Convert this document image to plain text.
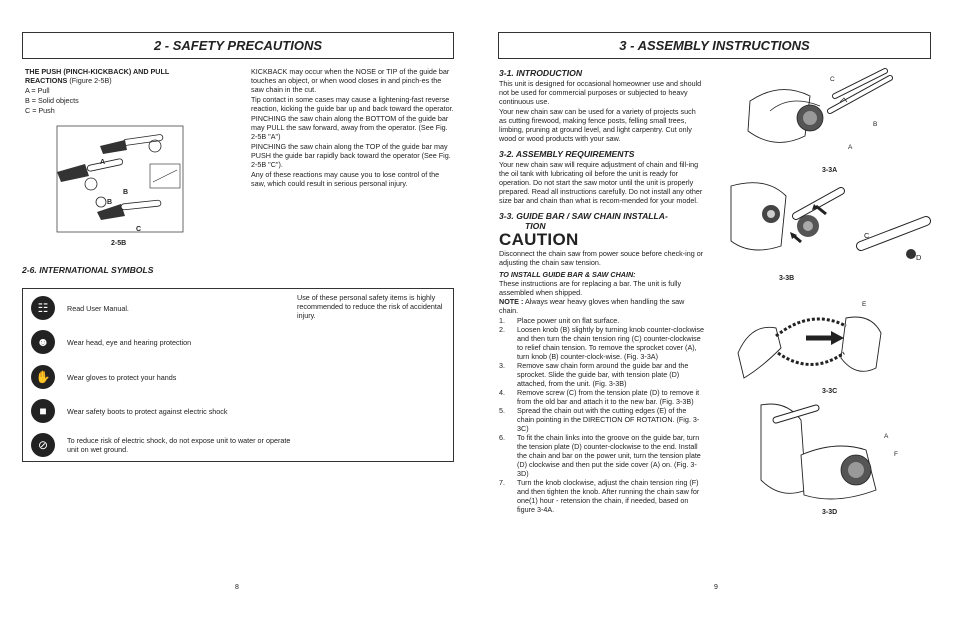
2 - SAFETY PRECAUTIONS

THE PUSH (PINCH-KICKBACK) AND PULL

REACTIONS (Figure 2-5B)

A = Pull

B = Solid objects

C = Push

KICKBACK may occur when the NOSE or TIP of the guide bar touches an object, or when wood closes in and pinch-es the saw chain in the cut.

Tip contact in some cases may cause a lightening-fast reverse reaction, kicking the guide bar up and back toward the operator.

PINCHING the saw chain along the BOTTOM of the guide bar may PULL the saw forward, away from the operator. (See Fig. 2-5B "A")

PINCHING the saw chain along the TOP of the guide bar may PUSH the guide bar rapidly back toward the operator (See Fig. 2-5B "C").

Any of these reactions may cause you to lose control of the saw, which could result in serious personal injury.

A
B
B
C
2-5B
2-6. INTERNATIONAL SYMBOLS
☷	Read User Manual.
☻	Wear head, eye and hearing protection
✋	Wear gloves to protect your hands
■	Wear safety boots to protect against electric shock
⊘	To reduce risk of electric shock, do not expose unit to water or operate unit on wet ground.
Use of these personal safety items is highly recommended to reduce the risk of accidental injury.
8
3 - ASSEMBLY INSTRUCTIONS

3-1. INTRODUCTION

This unit is designed for occasional homeowner use and should not be used for commercial purposes or subjected to heavy continuous use.

Your new chain saw can be used for a variety of projects such as cutting firewood, making fence posts, felling small trees, limbing, pruning at ground level, and light carpentry. Cut only wood or wood products with your saw.

3-2. ASSEMBLY REQUIREMENTS

Your new chain saw will require adjustment of chain and fill-ing the oil tank with lubricating oil before the unit is ready for operation. Do not start the saw motor until the unit is properly prepared. Read all instructions carefully. Do not install any other size bar and chain than what is recom-mended for your model.

3-3. GUIDE BAR / SAW CHAIN INSTALLA-

TION

CAUTION

Disconnect the chain saw from power souce before check-ing or adjusting the chain saw tension.

TO INSTALL GUIDE BAR & SAW CHAIN:

These instructions are for replacing a bar. The unit is fully assembled when shipped.

NOTE : Always wear heavy gloves when handling the saw chain.

1. Place power unit on flat surface.
2. Loosen knob (B) slightly by turning knob counter-clockwise and then turn the chain tension ring (C) counter-clockwise to relief chain tension. To remove the sprocket cover (A), turn knob (B) counter-clock-wise. (Fig. 3-3A)
3. Remove saw chain form around the guide bar and the sprocket. Slide the guide bar, with tension plate (D) attached, from the unit. (Fig. 3-3B)
4. Remove screw (C) from the tension plate (D) to remove it from the old bar and attach it to the new bar. (Fig. 3-3B)
5. Spread the chain out with the cutting edges (E) of the chain pointing in the DIRECTION OF ROTATION. (Fig. 3-3C)
6. To fit the chain links into the groove on the guide bar, turn the tension plate (D) counter-clockwise to the end. Install the chain and bar on the power unit, turn the tension plate (D) clockwise and then put the side cover (A) on. (Fig. 3-3D)
7. Turn the knob clockwise, adjust the chain tension ring (F) and then tighten the knob. After running the chain saw for one(1) hour - retension the chain, if needed, based on figure 3-4A.
C
B
A
3-3A
C
D
3-3B
E
3-3C
A
F
3-3D
9
